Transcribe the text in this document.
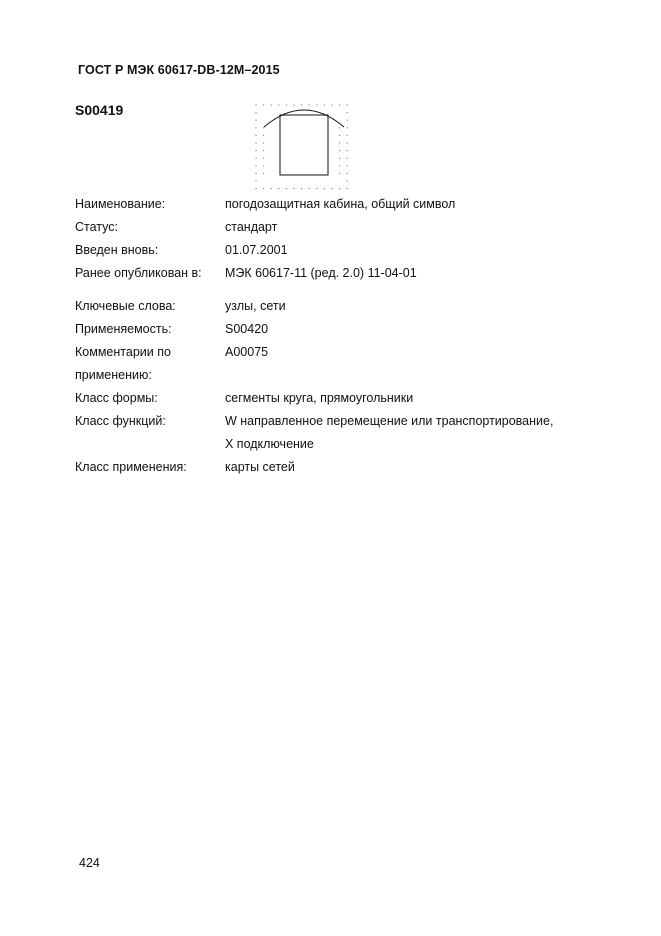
ГОСТ Р МЭК 60617-DB-12M–2015
S00419
Наименование:	погодозащитная кабина, общий символ
Статус:	стандарт
Введен вновь:	01.07.2001
Ранее опубликован в: МЭК 60617-11 (ред. 2.0) 11-04-01
Ключевые слова:	узлы, сети
Применяемость:	S00420
Комментарии по	A00075
применению:
Класс формы:	сегменты круга, прямоугольники
Класс функций:	W направленное перемещение или транспортирование,
X подключение
Класс применения:	карты сетей
424
